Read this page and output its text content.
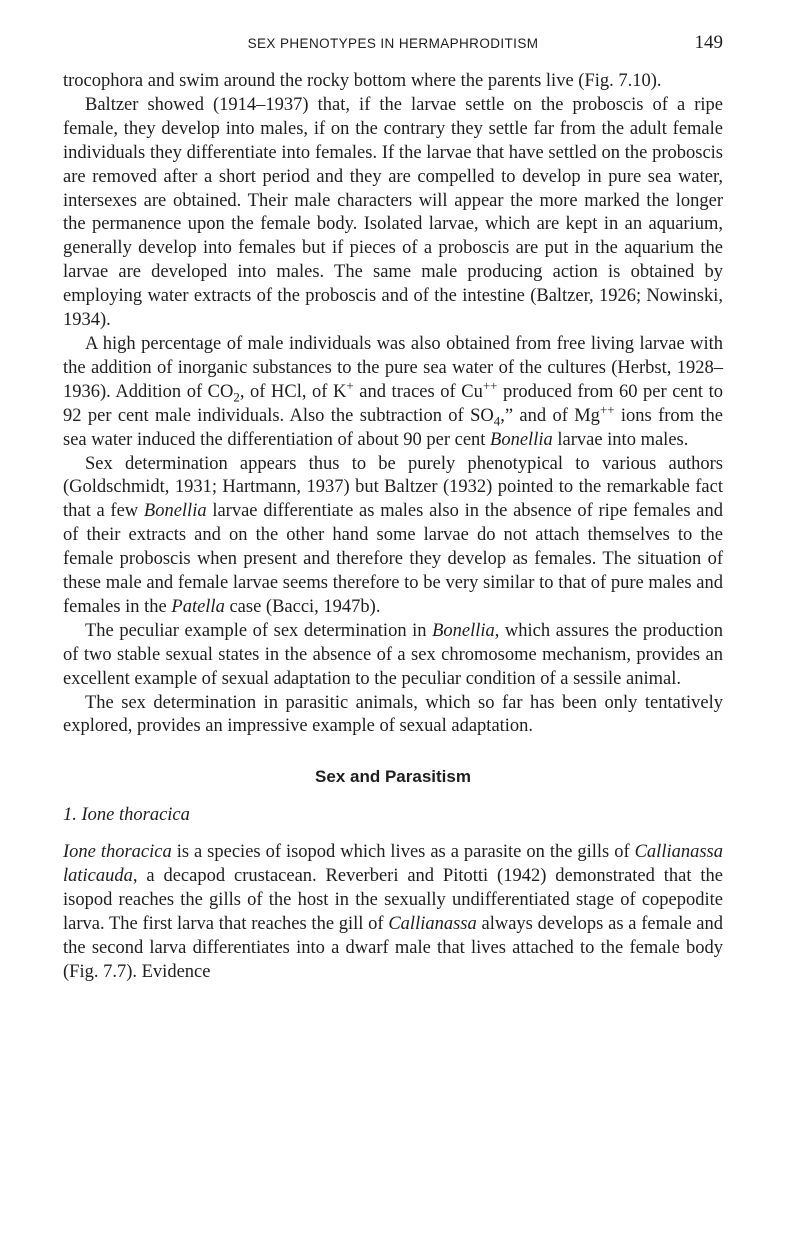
SEX PHENOTYPES IN HERMAPHRODITISM	149

trocophora and swim around the rocky bottom where the parents live (Fig. 7.10).

Baltzer showed (1914–1937) that, if the larvae settle on the proboscis of a ripe female, they develop into males, if on the contrary they settle far from the adult female individuals they differentiate into females. If the larvae that have settled on the proboscis are removed after a short period and they are compelled to develop in pure sea water, intersexes are obtained. Their male characters will appear the more marked the longer the permanence upon the female body. Isolated larvae, which are kept in an aquarium, generally develop into females but if pieces of a proboscis are put in the aquarium the larvae are developed into males. The same male producing action is obtained by employing water extracts of the proboscis and of the intestine (Baltzer, 1926; Nowinski, 1934).

A high percentage of male individuals was also obtained from free living larvae with the addition of inorganic substances to the pure sea water of the cultures (Herbst, 1928–1936). Addition of $CO_2$, of HCl, of K+ and traces of Cu++ produced from 60 per cent to 92 per cent male individuals. Also the subtraction of $SO_4$,” and of Mg++ ions from the sea water induced the differentiation of about 90 per cent Bonellia larvae into males.

Sex determination appears thus to be purely phenotypical to various authors (Goldschmidt, 1931; Hartmann, 1937) but Baltzer (1932) pointed to the remarkable fact that a few Bonellia larvae differentiate as males also in the absence of ripe females and of their extracts and on the other hand some larvae do not attach themselves to the female proboscis when present and therefore they develop as females. The situation of these male and female larvae seems therefore to be very similar to that of pure males and females in the Patella case (Bacci, 1947b).

The peculiar example of sex determination in Bonellia, which assures the production of two stable sexual states in the absence of a sex chromosome mechanism, provides an excellent example of sexual adaptation to the peculiar condition of a sessile animal.

The sex determination in parasitic animals, which so far has been only tentatively explored, provides an impressive example of sexual adaptation.

Sex and Parasitism
1. Ione thoracica

Ione thoracica is a species of isopod which lives as a parasite on the gills of Callianassa laticauda, a decapod crustacean. Reverberi and Pitotti (1942) demonstrated that the isopod reaches the gills of the host in the sexually undifferentiated stage of copepodite larva. The first larva that reaches the gill of Callianassa always develops as a female and the second larva differentiates into a dwarf male that lives attached to the female body (Fig. 7.7). Evidence
